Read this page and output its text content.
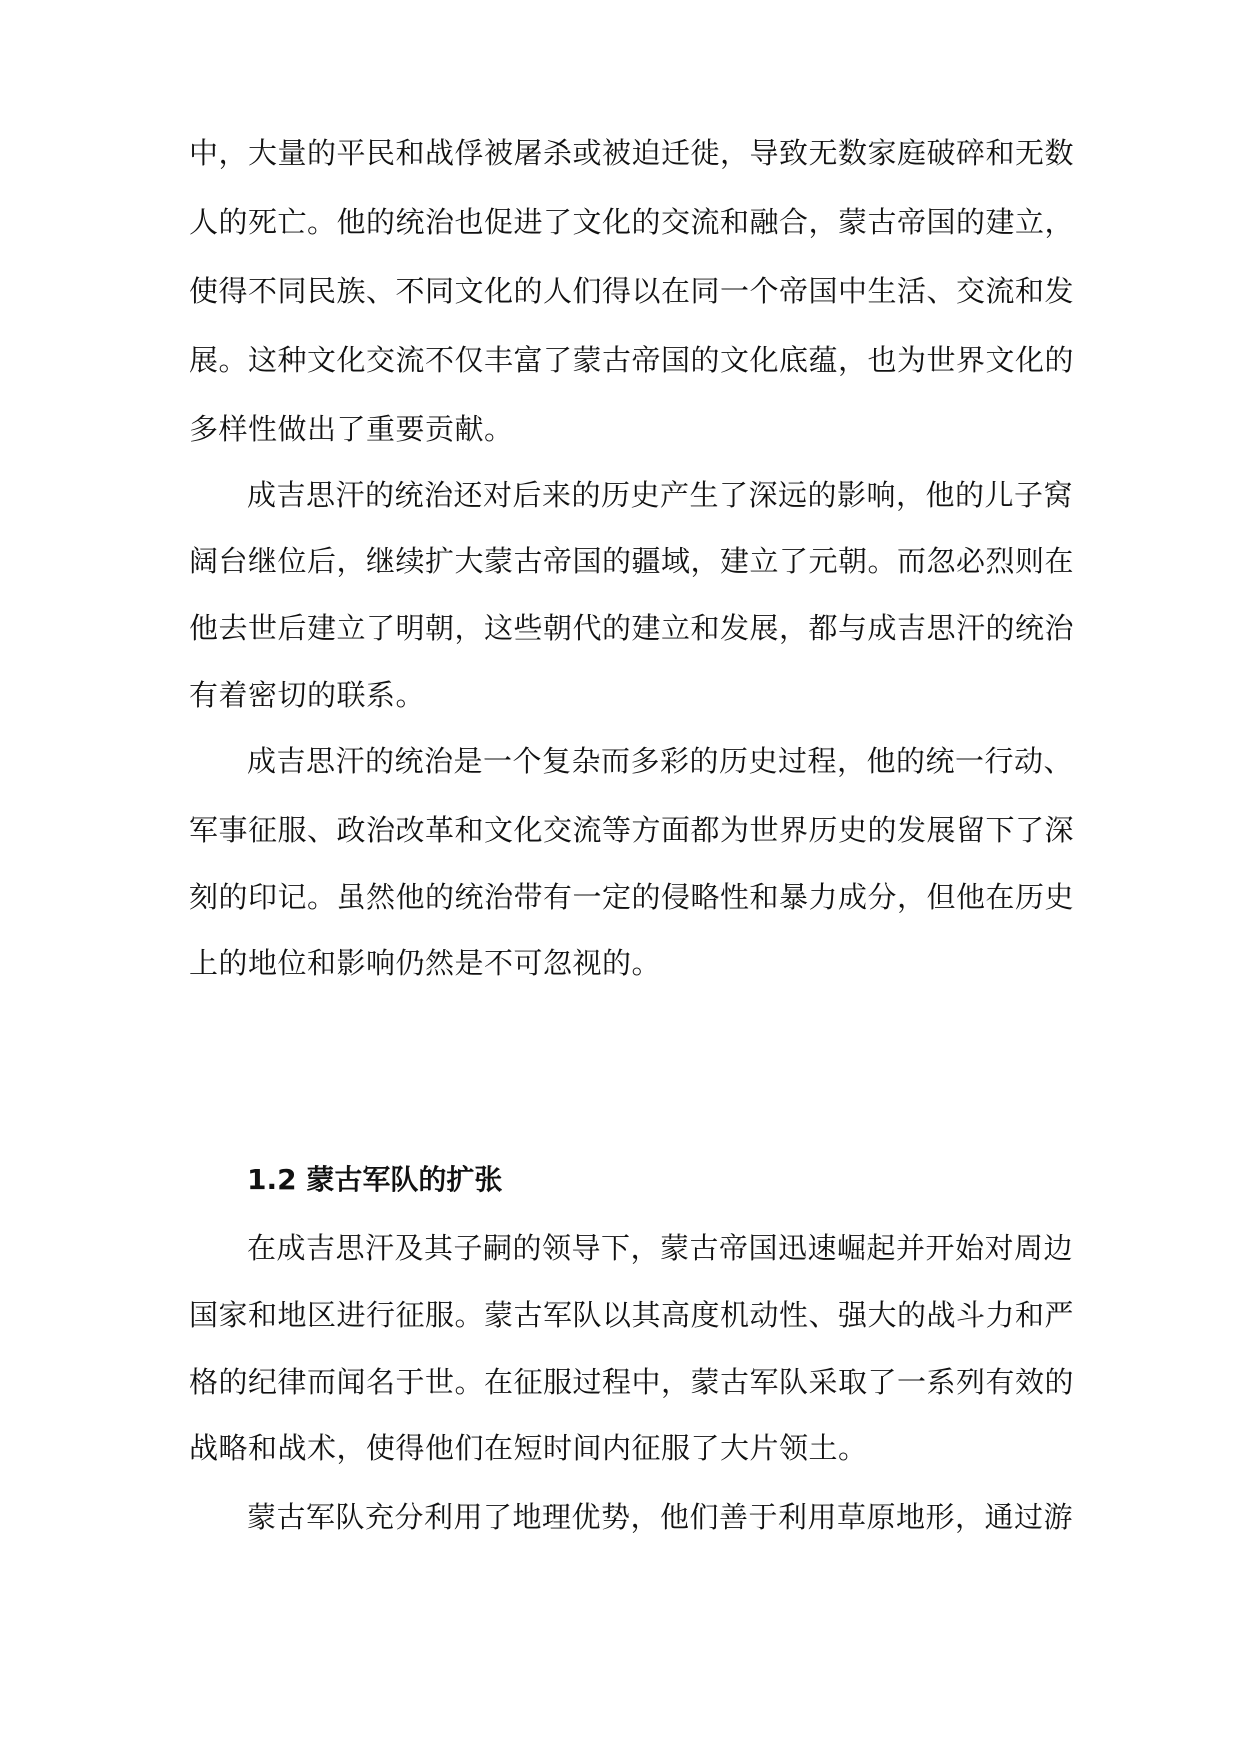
中，大量的平民和战俘被屠杀或被迫迁徙，导致无数家庭破碎和无数
人的死亡。他的统治也促进了文化的交流和融合，蒙古帝国的建立，
使得不同民族、不同文化的人们得以在同一个帝国中生活、交流和发
展。这种文化交流不仅丰富了蒙古帝国的文化底蕴，也为世界文化的
多样性做出了重要贡献。
成吉思汗的统治还对后来的历史产生了深远的影响，他的儿子窝
阔台继位后，继续扩大蒙古帝国的疆域，建立了元朝。而忽必烈则在
他去世后建立了明朝，这些朝代的建立和发展，都与成吉思汗的统治
有着密切的联系。
成吉思汗的统治是一个复杂而多彩的历史过程，他的统一行动、
军事征服、政治改革和文化交流等方面都为世界历史的发展留下了深
刻的印记。虽然他的统治带有一定的侵略性和暴力成分，但他在历史
上的地位和影响仍然是不可忽视的。
1.2 蒙古军队的扩张
在成吉思汗及其子嗣的领导下，蒙古帝国迅速崛起并开始对周边
国家和地区进行征服。蒙古军队以其高度机动性、强大的战斗力和严
格的纪律而闻名于世。在征服过程中，蒙古军队采取了一系列有效的
战略和战术，使得他们在短时间内征服了大片领土。
蒙古军队充分利用了地理优势，他们善于利用草原地形，通过游
